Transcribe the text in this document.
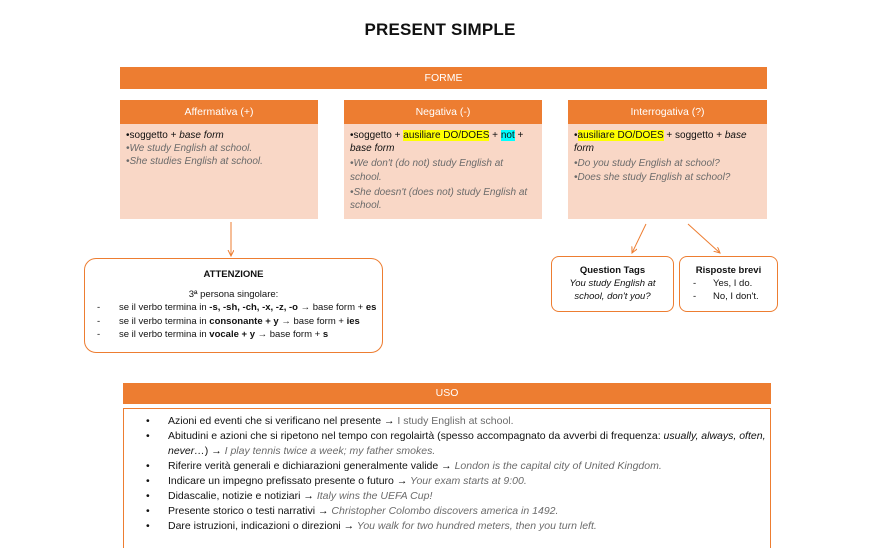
PRESENT SIMPLE
FORME
Affermativa (+)	Negativa (-)	Interrogativa (?)
•soggetto + base form
•We study English at school.
•She studies English at school.
•soggetto + ausiliare DO/DOES + not +
base form
•We don't (do not) study English at school.
•She doesn't (does not) study English at school.
•ausiliare DO/DOES + soggetto + base
form
•Do you study English at school?
•Does she study English at school?
ATTENZIONE
3ª persona singolare:
-	se il verbo termina in -s, -sh, -ch, -x, -z, -o → base form + es
-	se il verbo termina in consonante + y → base form + ies
-	se il verbo termina in vocale + y → base form + s
Question Tags
You study English at
school, don't you?
Risposte brevi
-	Yes, I do.
-	No, I don't.
USO
• Azioni ed eventi che si verificano nel presente → I study English at school.
• Abitudini e azioni che si ripetono nel tempo con regolairtà (spesso accompagnato da avverbi di frequenza: usually, always, often, never…) → I play tennis twice a week; my father smokes.
• Riferire verità generali e dichiarazioni generalmente valide → London is the capital city of United Kingdom.
• Indicare un impegno prefissato presente o futuro → Your exam starts at 9:00.
• Didascalie, notizie e notiziari → Italy wins the UEFA Cup!
• Presente storico o testi narrativi → Christopher Colombo discovers america in 1492.
• Dare istruzioni, indicazioni o direzioni → You walk for two hundred meters, then you turn left.
